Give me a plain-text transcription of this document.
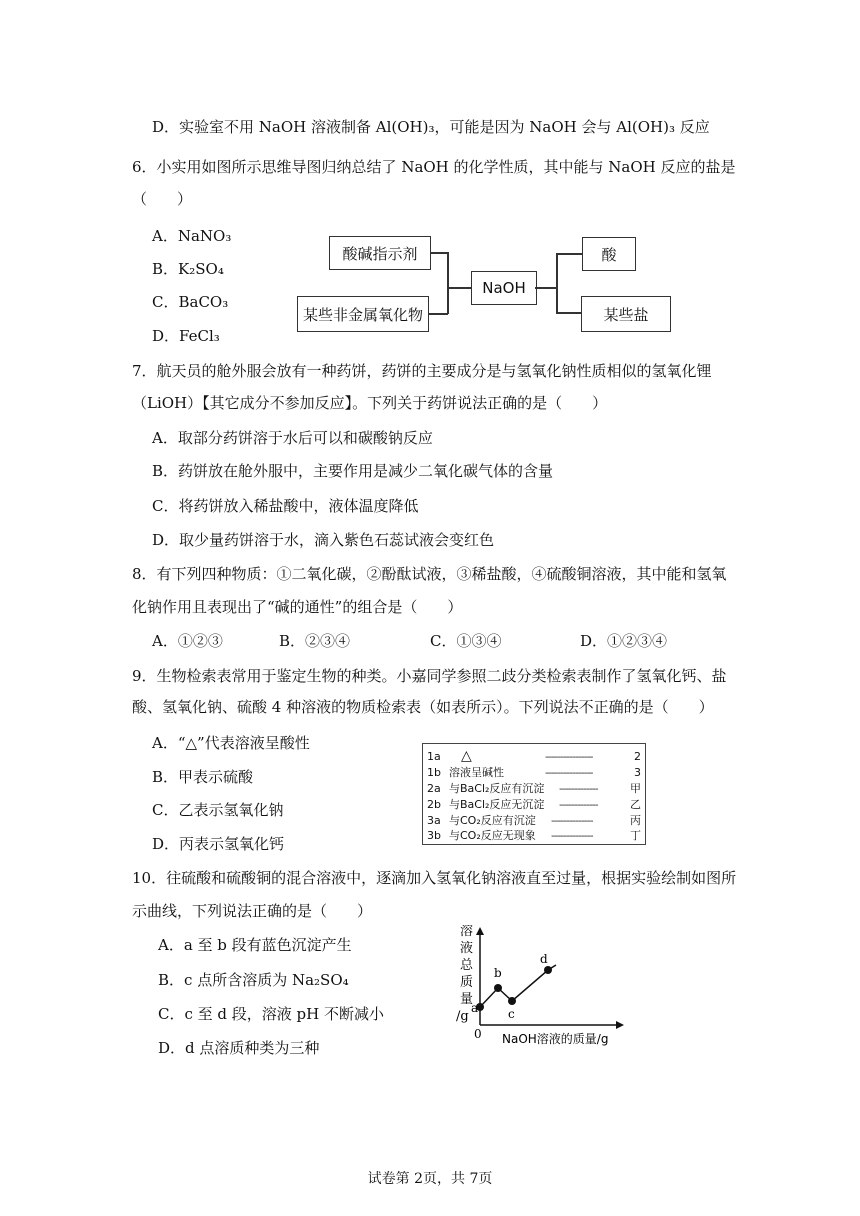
D．实验室不用 NaOH 溶液制备 Al(OH)₃，可能是因为 NaOH 会与 Al(OH)₃ 反应
6．小实用如图所示思维导图归纳总结了 NaOH 的化学性质，其中能与 NaOH 反应的盐是
（　　）
A．NaNO₃
B．K₂SO₄
C．BaCO₃
D．FeCl₃
酸碱指示剂
某些非金属氧化物
NaOH
酸
某些盐
7．航天员的舱外服会放有一种药饼，药饼的主要成分是与氢氧化钠性质相似的氢氧化锂
（LiOH）【其它成分不参加反应】。下列关于药饼说法正确的是（　　）
A．取部分药饼溶于水后可以和碳酸钠反应
B．药饼放在舱外服中，主要作用是减少二氧化碳气体的含量
C．将药饼放入稀盐酸中，液体温度降低
D．取少量药饼溶于水，滴入紫色石蕊试液会变红色
8．有下列四种物质：①二氧化碳，②酚酞试液，③稀盐酸，④硫酸铜溶液，其中能和氢氧
化钠作用且表现出了“碱的通性”的组合是（　　）
A．①②③	B．②③④	C．①③④	D．①②③④
9．生物检索表常用于鉴定生物的种类。小嘉同学参照二歧分类检索表制作了氢氧化钙、盐
酸、氢氧化钠、硫酸 4 种溶液的物质检索表（如表所示）。下列说法不正确的是（　　）
A．“△”代表溶液呈酸性
B．甲表示硫酸
C．乙表示氢氧化钠
D．丙表示氢氧化钙
1a △	----------------	2
1b 溶液呈碱性	----------------	3
2a 与BaCl₂反应有沉淀 -------------	甲
2b 与BaCl₂反应无沉淀 -------------	乙
3a 与CO₂反应有沉淀 --------------	丙
3b 与CO₂反应无现象 --------------	丁
10．往硫酸和硫酸铜的混合溶液中，逐滴加入氢氧化钠溶液直至过量，根据实验绘制如图所
示曲线，下列说法正确的是（　　）
A．a 至 b 段有蓝色沉淀产生
B．c 点所含溶质为 Na₂SO₄
C．c 至 d 段，溶液 pH 不断减小
D．d 点溶质种类为三种
溶
液
总
质
量
/g
0 NaOH溶液的质量/g
a
b
c
d
试卷第 2页，共 7页
